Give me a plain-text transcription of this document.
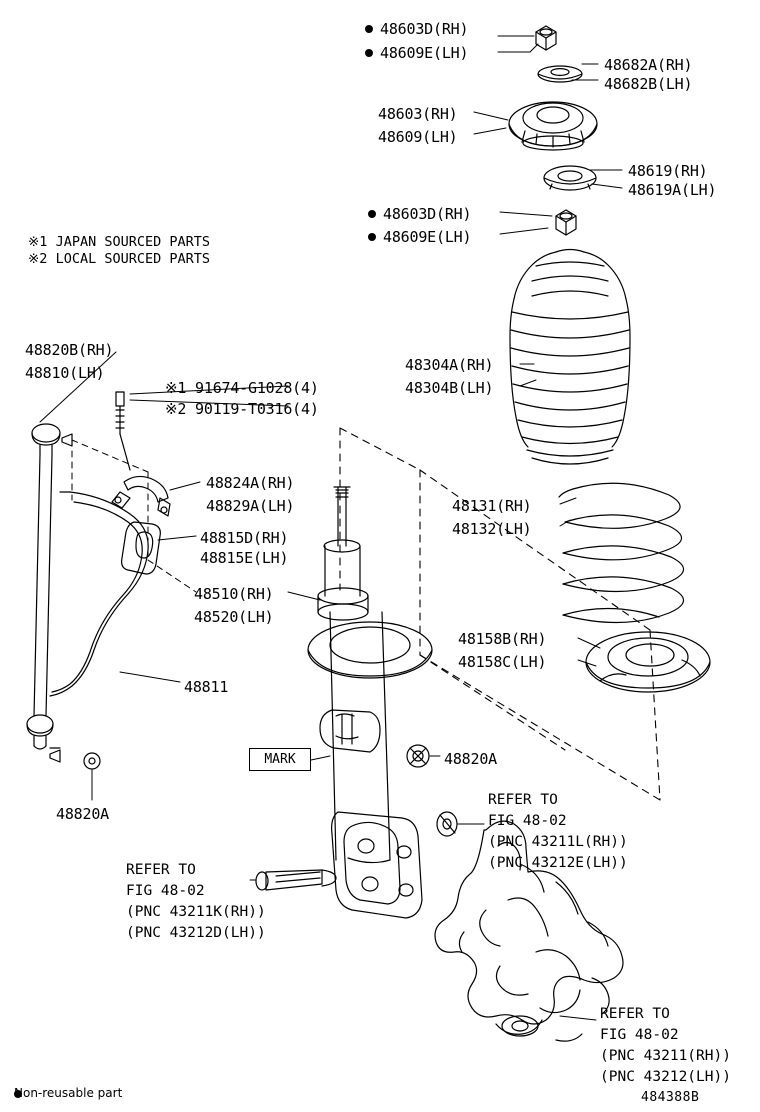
※1 JAPAN SOURCED PARTS
※2 LOCAL SOURCED PARTS
MARK
48603D(RH)
48609E(LH)
48682A(RH)
48682B(LH)
48603(RH)
48609(LH)
48619(RH)
48619A(LH)
48603D(RH)
48609E(LH)
48304A(RH)
48304B(LH)
48131(RH)
48132(LH)
48158B(RH)
48158C(LH)
48820B(RH)
48810(LH)
※1 91674-G1028(4)
※2 90119-T0316(4)
48824A(RH)
48829A(LH)
48815D(RH)
48815E(LH)
48510(RH)
48520(LH)
48811
48820A
48820A
REFER TO
FIG 48-02
(PNC 43211L(RH))
(PNC 43212E(LH))
REFER TO
FIG 48-02
(PNC 43211K(RH))
(PNC 43212D(LH))
REFER TO
FIG 48-02
(PNC 43211(RH))
(PNC 43212(LH))
Non-reusable part	484388B
